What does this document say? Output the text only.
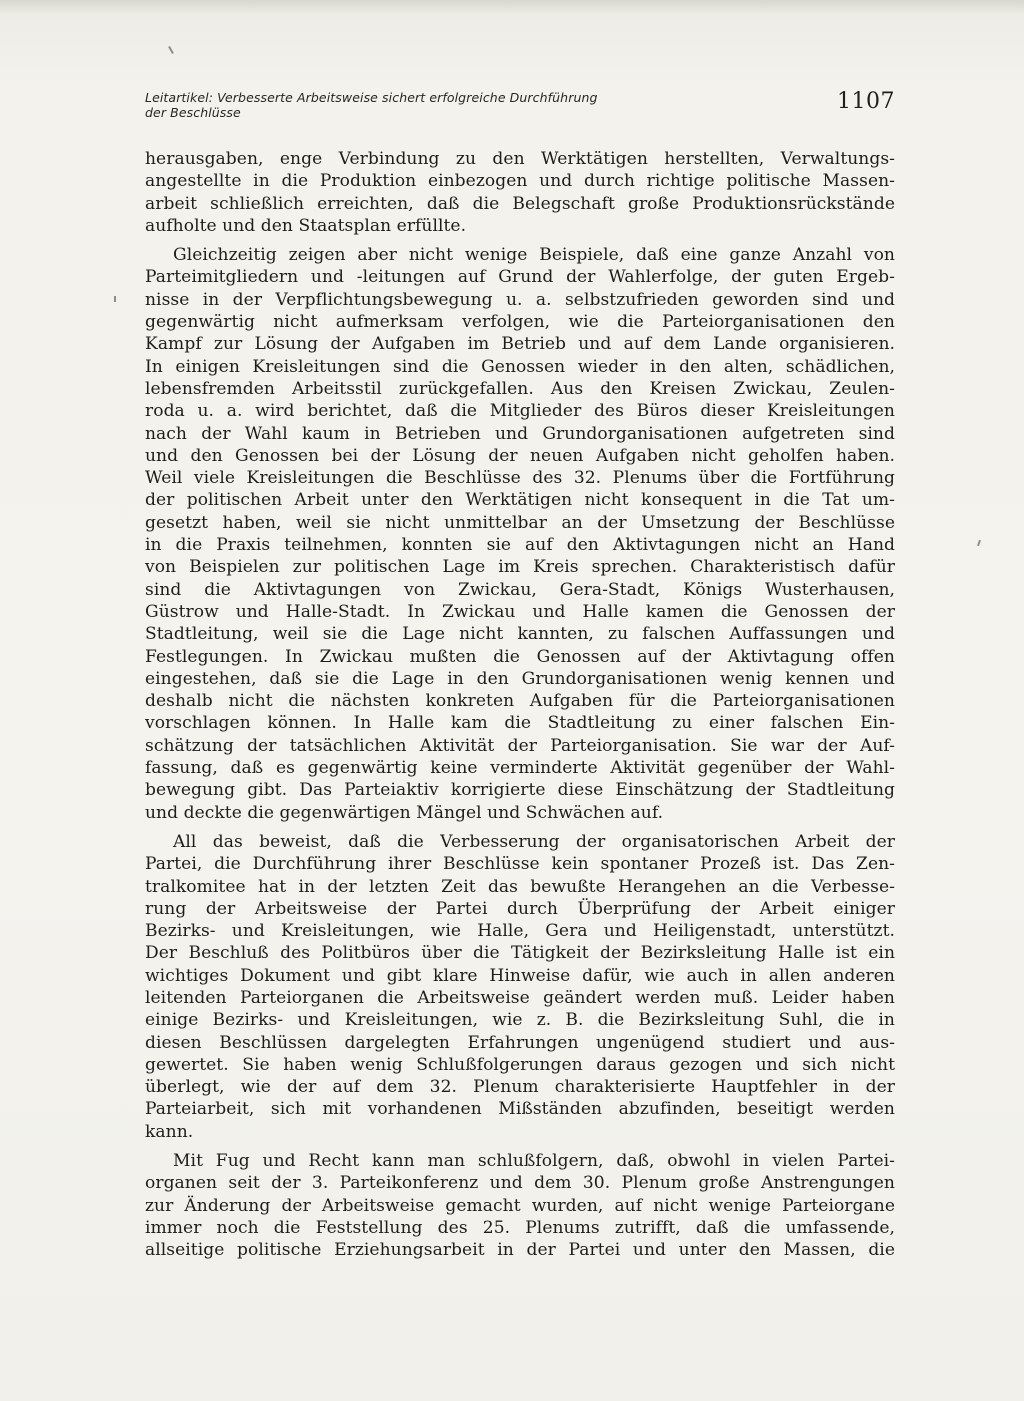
Leitartikel: Verbesserte Arbeitsweise sichert erfolgreiche Durchführung
der Beschlüsse	1107
herausgaben, enge Verbindung zu den Werktätigen herstellten, Verwaltungs-
angestellte in die Produktion einbezogen und durch richtige politische Massen-
arbeit schließlich erreichten, daß die Belegschaft große Produktionsrückstände
aufholte und den Staatsplan erfüllte.
Gleichzeitig zeigen aber nicht wenige Beispiele, daß eine ganze Anzahl von
Parteimitgliedern und -leitungen auf Grund der Wahlerfolge, der guten Ergeb-
nisse in der Verpflichtungsbewegung u. a. selbstzufrieden geworden sind und
gegenwärtig nicht aufmerksam verfolgen, wie die Parteiorganisationen den
Kampf zur Lösung der Aufgaben im Betrieb und auf dem Lande organisieren.
In einigen Kreisleitungen sind die Genossen wieder in den alten, schädlichen,
lebensfremden Arbeitsstil zurückgefallen. Aus den Kreisen Zwickau, Zeulen-
roda u. a. wird berichtet, daß die Mitglieder des Büros dieser Kreisleitungen
nach der Wahl kaum in Betrieben und Grundorganisationen aufgetreten sind
und den Genossen bei der Lösung der neuen Aufgaben nicht geholfen haben.
Weil viele Kreisleitungen die Beschlüsse des 32. Plenums über die Fortführung
der politischen Arbeit unter den Werktätigen nicht konsequent in die Tat um-
gesetzt haben, weil sie nicht unmittelbar an der Umsetzung der Beschlüsse
in die Praxis teilnehmen, konnten sie auf den Aktivtagungen nicht an Hand
von Beispielen zur politischen Lage im Kreis sprechen. Charakteristisch dafür
sind die Aktivtagungen von Zwickau, Gera-Stadt, Königs Wusterhausen,
Güstrow und Halle-Stadt. In Zwickau und Halle kamen die Genossen der
Stadtleitung, weil sie die Lage nicht kannten, zu falschen Auffassungen und
Festlegungen. In Zwickau mußten die Genossen auf der Aktivtagung offen
eingestehen, daß sie die Lage in den Grundorganisationen wenig kennen und
deshalb nicht die nächsten konkreten Aufgaben für die Parteiorganisationen
vorschlagen können. In Halle kam die Stadtleitung zu einer falschen Ein-
schätzung der tatsächlichen Aktivität der Parteiorganisation. Sie war der Auf-
fassung, daß es gegenwärtig keine verminderte Aktivität gegenüber der Wahl-
bewegung gibt. Das Parteiaktiv korrigierte diese Einschätzung der Stadtleitung
und deckte die gegenwärtigen Mängel und Schwächen auf.
All das beweist, daß die Verbesserung der organisatorischen Arbeit der
Partei, die Durchführung ihrer Beschlüsse kein spontaner Prozeß ist. Das Zen-
tralkomitee hat in der letzten Zeit das bewußte Herangehen an die Verbesse-
rung der Arbeitsweise der Partei durch Überprüfung der Arbeit einiger
Bezirks- und Kreisleitungen, wie Halle, Gera und Heiligenstadt, unterstützt.
Der Beschluß des Politbüros über die Tätigkeit der Bezirksleitung Halle ist ein
wichtiges Dokument und gibt klare Hinweise dafür, wie auch in allen anderen
leitenden Parteiorganen die Arbeitsweise geändert werden muß. Leider haben
einige Bezirks- und Kreisleitungen, wie z. B. die Bezirksleitung Suhl, die in
diesen Beschlüssen dargelegten Erfahrungen ungenügend studiert und aus-
gewertet. Sie haben wenig Schlußfolgerungen daraus gezogen und sich nicht
überlegt, wie der auf dem 32. Plenum charakterisierte Hauptfehler in der
Parteiarbeit, sich mit vorhandenen Mißständen abzufinden, beseitigt werden
kann.
Mit Fug und Recht kann man schlußfolgern, daß, obwohl in vielen Partei-
organen seit der 3. Parteikonferenz und dem 30. Plenum große Anstrengungen
zur Änderung der Arbeitsweise gemacht wurden, auf nicht wenige Parteiorgane
immer noch die Feststellung des 25. Plenums zutrifft, daß die umfassende,
allseitige politische Erziehungsarbeit in der Partei und unter den Massen, die
